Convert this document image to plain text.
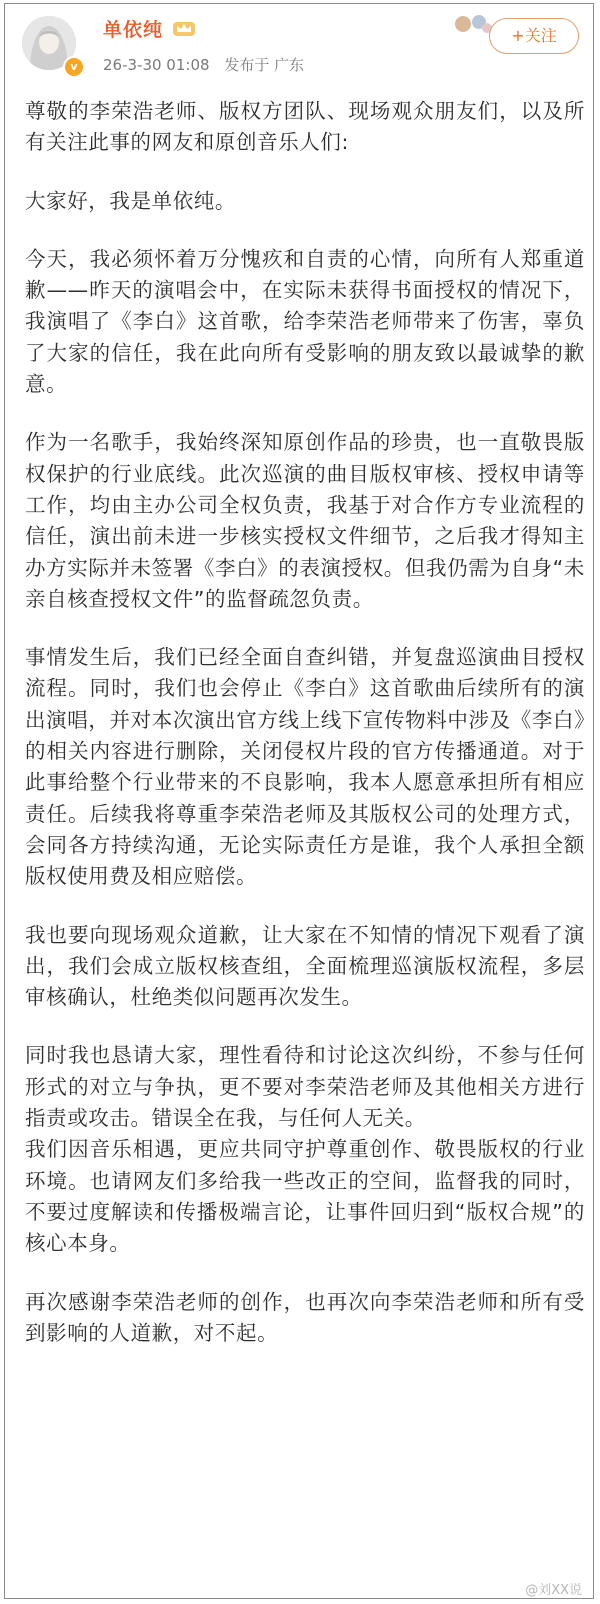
v
单依纯
26-3-30 01:08 发布于 广东
+关注

尊敬的李荣浩老师、版权方团队、现场观众朋友们，以及所有关注此事的网友和原创音乐人们:

大家好，我是单依纯。

今天，我必须怀着万分愧疚和自责的心情，向所有人郑重道歉——昨天的演唱会中，在实际未获得书面授权的情况下，我演唱了《李白》这首歌，给李荣浩老师带来了伤害，辜负了大家的信任，我在此向所有受影响的朋友致以最诚挚的歉意。

作为一名歌手，我始终深知原创作品的珍贵，也一直敬畏版权保护的行业底线。此次巡演的曲目版权审核、授权申请等工作，均由主办公司全权负责，我基于对合作方专业流程的信任，演出前未进一步核实授权文件细节，之后我才得知主办方实际并未签署《李白》的表演授权。但我仍需为自身“未亲自核查授权文件”的监督疏忽负责。

事情发生后，我们已经全面自查纠错，并复盘巡演曲目授权流程。同时，我们也会停止《李白》这首歌曲后续所有的演出演唱，并对本次演出官方线上线下宣传物料中涉及《李白》的相关内容进行删除，关闭侵权片段的官方传播通道。对于此事给整个行业带来的不良影响，我本人愿意承担所有相应责任。后续我将尊重李荣浩老师及其版权公司的处理方式，会同各方持续沟通，无论实际责任方是谁，我个人承担全额版权使用费及相应赔偿。

我也要向现场观众道歉，让大家在不知情的情况下观看了演出，我们会成立版权核查组，全面梳理巡演版权流程，多层审核确认，杜绝类似问题再次发生。

同时我也恳请大家，理性看待和讨论这次纠纷，不参与任何形式的对立与争执，更不要对李荣浩老师及其他相关方进行指责或攻击。错误全在我，与任何人无关。
我们因音乐相遇，更应共同守护尊重创作、敬畏版权的行业环境。也请网友们多给我一些改正的空间，监督我的同时，不要过度解读和传播极端言论，让事件回归到“版权合规”的核心本身。

再次感谢李荣浩老师的创作，也再次向李荣浩老师和所有受到影响的人道歉，对不起。

@刘XX说
